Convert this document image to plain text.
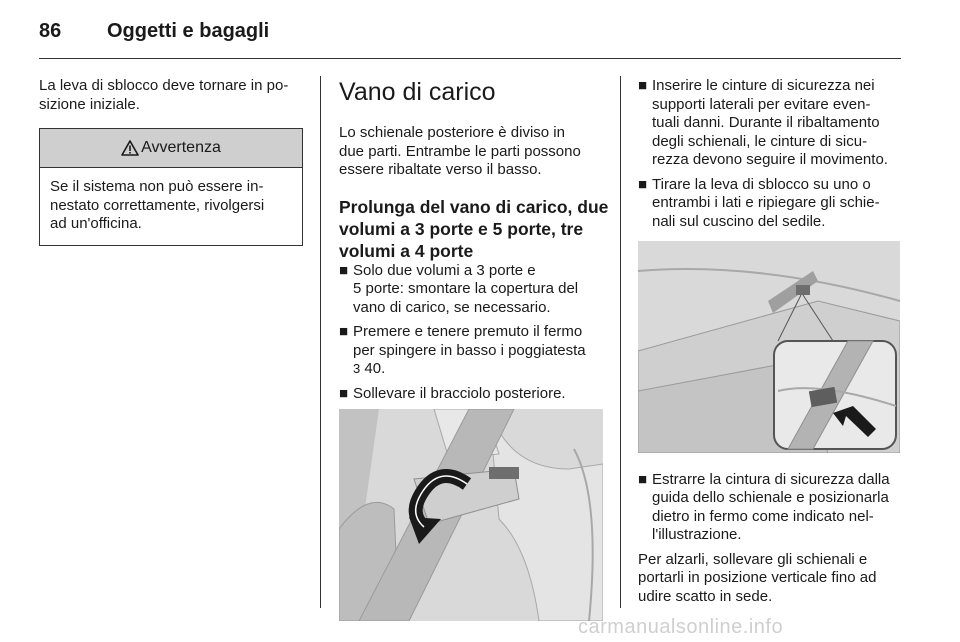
86	Oggetti e bagagli

La leva di sblocco deve tornare in po-
sizione iniziale.

Avvertenza
Se il sistema non può essere in-
nestato correttamente, rivolgersi
ad un'officina.
Vano di carico

Lo schienale posteriore è diviso in
due parti. Entrambe le parti possono
essere ribaltate verso il basso.

Prolunga del vano di carico, due
volumi a 3 porte e 5 porte, tre
volumi a 4 porte
■ Solo due volumi a 3 porte e
5 porte: smontare la copertura del
vano di carico, se necessario.
■ Premere e tenere premuto il fermo
per spingere in basso i poggiatesta
3 40.
■ Sollevare il bracciolo posteriore.
■ Inserire le cinture di sicurezza nei
supporti laterali per evitare even-
tuali danni. Durante il ribaltamento
degli schienali, le cinture di sicu-
rezza devono seguire il movimento.
■ Tirare la leva di sblocco su uno o
entrambi i lati e ripiegare gli schie-
nali sul cuscino del sedile.
■ Estrarre la cintura di sicurezza dalla
guida dello schienale e posizionarla
dietro in fermo come indicato nel-
l'illustrazione.

Per alzarli, sollevare gli schienali e
portarli in posizione verticale fino ad
udire scatto in sede.

carmanualsonline.info
